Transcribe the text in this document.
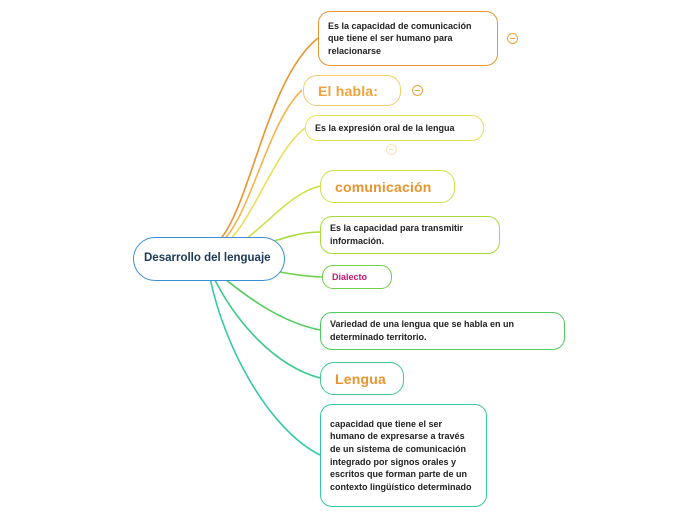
Desarrollo del lenguaje
Es la capacidad de comunicación que tiene el ser humano para relacionarse
El habla:
Es la expresión oral de la lengua
comunicación
Es la capacidad para transmitir información.
Dialecto
Variedad de una lengua que se habla en un determinado territorio.
Lengua
capacidad que tiene el ser humano de expresarse a través de un sistema de comunicación integrado por signos orales y escritos que forman parte de un contexto lingüístico determinado
